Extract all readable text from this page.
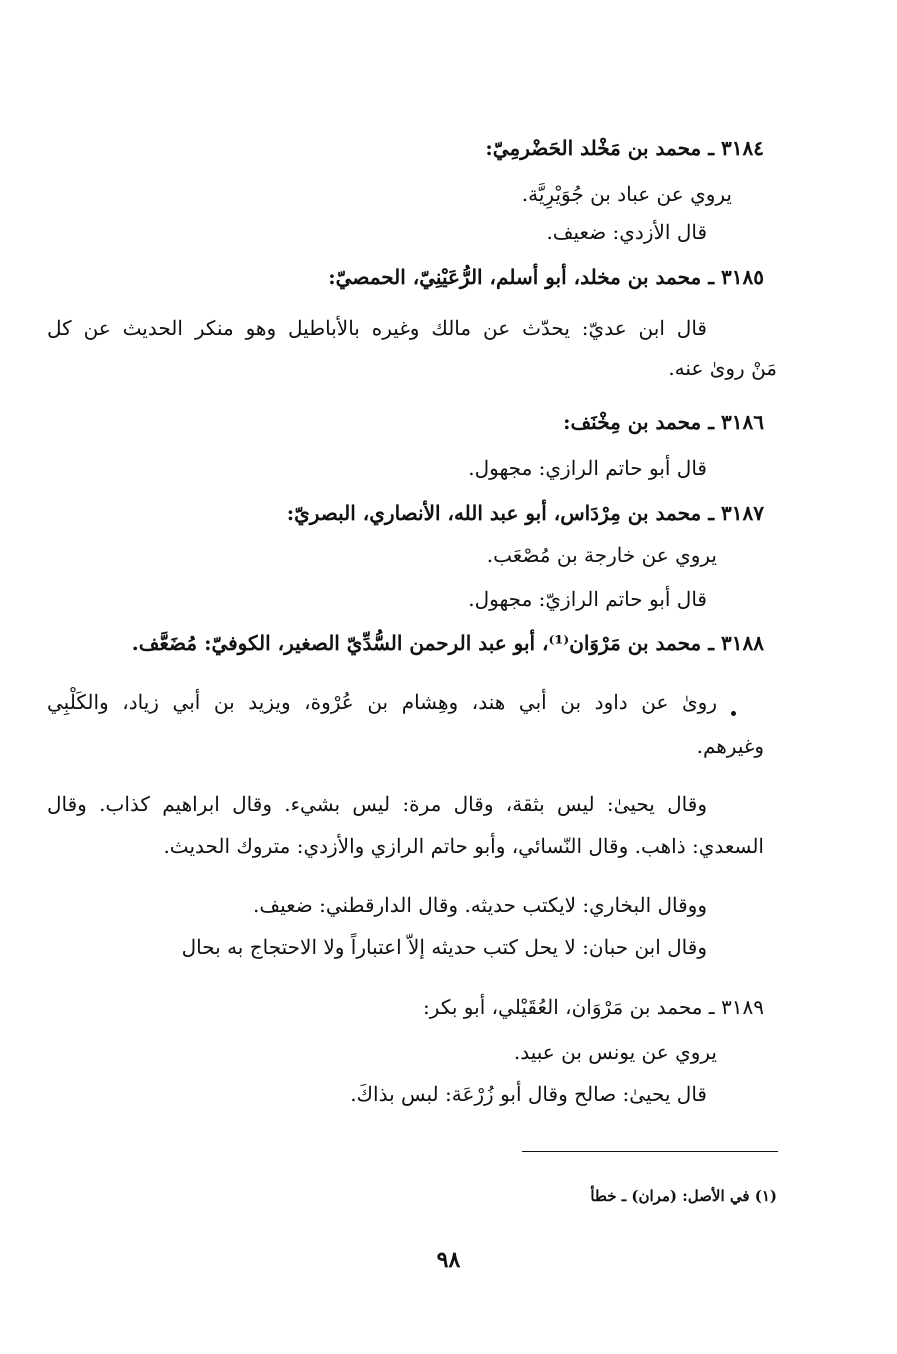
٣١٨٤ ـ محمد بن مَخْلد الحَضْرمِيّ:
يروي عن عباد بن جُوَيْرِيَّة.
قال الأزدي: ضعيف.
٣١٨٥ ـ محمد بن مخلد، أبو أسلم، الرُّعَيْنِيّ، الحمصيّ:
قال ابن عديّ: يحدّث عن مالك وغيره بالأباطيل وهو منكر الحديث عن كل
مَنْ روىٰ عنه.
٣١٨٦ ـ محمد بن مِخْنَف:
قال أبو حاتم الرازي: مجهول.
٣١٨٧ ـ محمد بن مِرْدَاس، أبو عبد الله، الأنصاري، البصريّ:
يروي عن خارجة بن مُصْعَب.
قال أبو حاتم الرازيّ: مجهول.
٣١٨٨ ـ محمد بن مَرْوَان⁽¹⁾، أبو عبد الرحمن السُّدِّيّ الصغير، الكوفيّ: مُضَعَّف.
روىٰ عن داود بن أبي هند، وهِشام بن عُرْوة، ويزيد بن أبي زياد، والكَلْبِي
وغيرهم.
وقال يحيىٰ: ليس بثقة، وقال مرة: ليس بشيء. وقال ابراهيم كذاب. وقال
السعدي: ذاهب. وقال النّسائي، وأبو حاتم الرازي والأزدي: متروك الحديث.
ووقال البخاري: لايكتب حديثه. وقال الدارقطني: ضعيف.
وقال ابن حبان: لا يحل كتب حديثه إلاّ اعتباراً ولا الاحتجاج به بحال
٣١٨٩ ـ محمد بن مَرْوَان، العُقَيْلي، أبو بكر:
يروي عن يونس بن عبيد.
قال يحيىٰ: صالح وقال أبو زُرْعَة: لبس بذاكَ.
(١) في الأصل: (مران) ـ خطأ
٩٨
